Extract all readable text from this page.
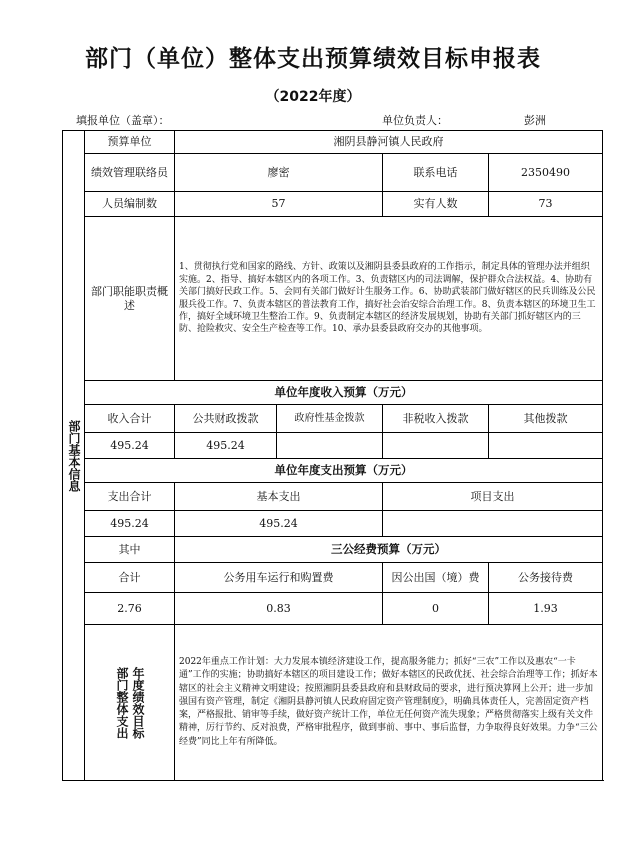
部门（单位）整体支出预算绩效目标申报表
（2022年度）
填报单位（盖章）：	单位负责人：	彭洲
部门基本信息	预算单位	湘阴县静河镇人民政府			
	绩效管理联络员	廖密		联系电话	2350490
	人员编制数	57		实有人数	73
	部门职能职责概述	1、贯彻执行党和国家的路线、方针、政策以及湘阴县委县政府的工作指示，制定具体的管理办法并组织实施。2、指导、搞好本辖区内的各项工作。3、负责辖区内的司法调解，保护群众合法权益。4、协助有关部门搞好民政工作。5、会同有关部门做好计生服务工作。6、协助武装部门做好辖区的民兵训练及公民服兵役工作。7、负责本辖区的普法教育工作，搞好社会治安综合治理工作。8、负责本辖区的环境卫生工作，搞好全域环境卫生整治工作。9、负责制定本辖区的经济发展规划，协助有关部门抓好辖区内的三防、抢险救灾、安全生产检查等工作。10、承办县委县政府交办的其他事项。			
	单位年度收入预算（万元）				
	收入合计	公共财政拨款	政府性基金拨款	非税收入拨款	其他拨款
	495.24	495.24			
	单位年度支出预算（万元）				
	支出合计	基本支出		项目支出	
	495.24	495.24			
	其中	三公经费预算（万元）			
	合计	公务用车运行和购置费		因公出国（境）费	公务接待费
	2.76	0.83		0	1.93

	部门整体支出 年度绩效目标	2022年重点工作计划：大力发展本镇经济建设工作，提高服务能力；抓好“三农”工作以及惠农“一卡通”工作的实施；协助搞好本辖区的项目建设工作；做好本辖区的民政优抚、社会综合治理等工作；抓好本辖区的社会主义精神文明建设；按照湘阴县委县政府和县财政局的要求，进行预决算网上公开；进一步加强国有资产管理，制定《湘阴县静河镇人民政府固定资产管理制度》，明确具体责任人，完善固定资产档案，严格报批、销审等手续，做好资产统计工作，单位无任何资产流失现象；严格贯彻落实上级有关文件精神，厉行节约、反对浪费，严格审批程序，做到事前、事中、事后监督，力争取得良好效果。力争“三公经费”同比上年有所降低。			
